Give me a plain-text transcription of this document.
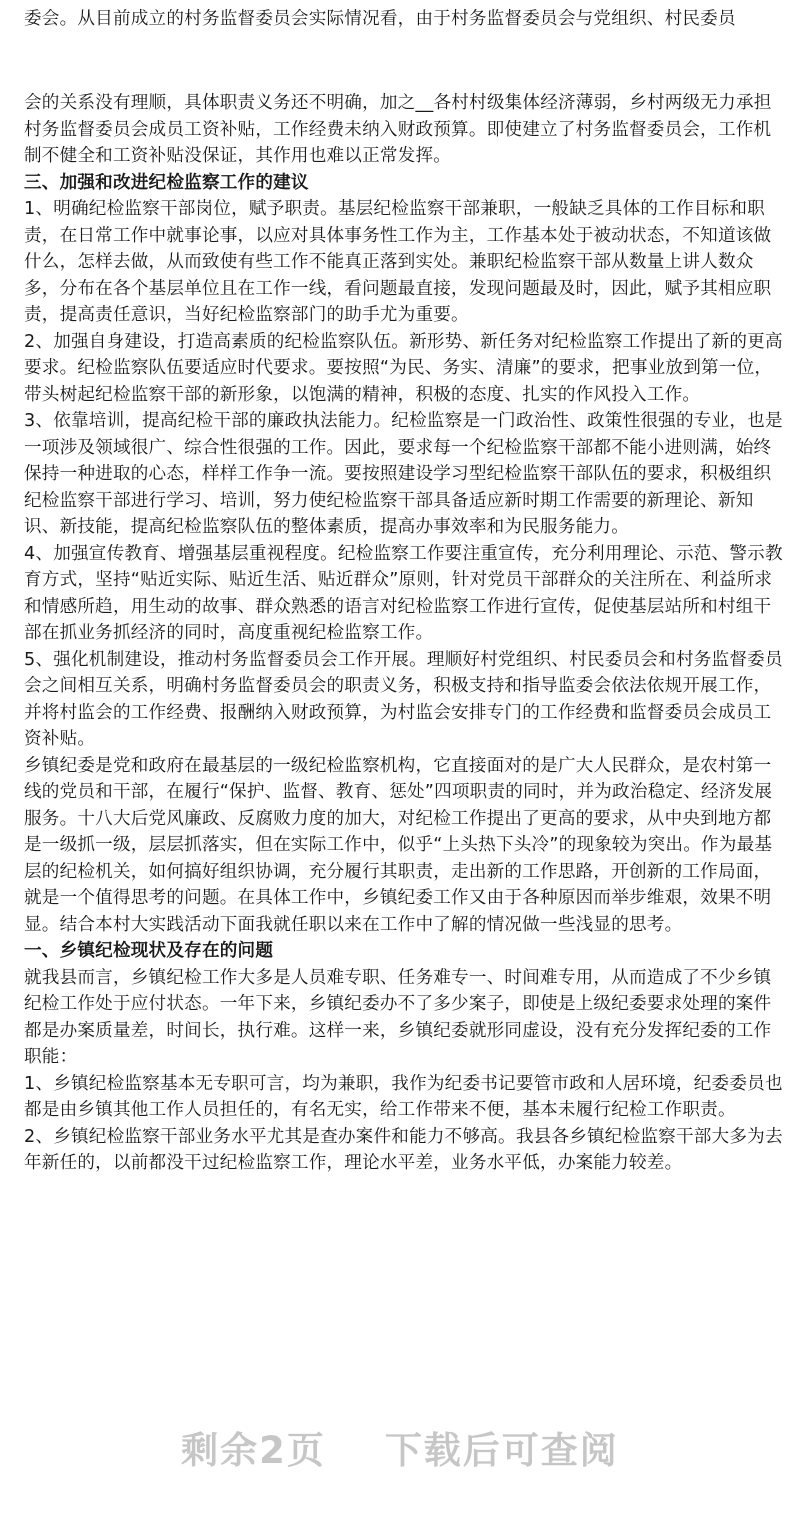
委会。从目前成立的村务监督委员会实际情况看，由于村务监督委员会与党组织、村民委员

会的关系没有理顺，具体职责义务还不明确，加之__各村村级集体经济薄弱，乡村两级无力承担村务监督委员会成员工资补贴，工作经费未纳入财政预算。即使建立了村务监督委员会，工作机制不健全和工资补贴没保证，其作用也难以正常发挥。

三、加强和改进纪检监察工作的建议

1、明确纪检监察干部岗位，赋予职责。基层纪检监察干部兼职，一般缺乏具体的工作目标和职责，在日常工作中就事论事，以应对具体事务性工作为主，工作基本处于被动状态，不知道该做什么，怎样去做，从而致使有些工作不能真正落到实处。兼职纪检监察干部从数量上讲人数众多，分布在各个基层单位且在工作一线，看问题最直接，发现问题最及时，因此，赋予其相应职责，提高责任意识，当好纪检监察部门的助手尤为重要。

2、加强自身建设，打造高素质的纪检监察队伍。新形势、新任务对纪检监察工作提出了新的更高要求。纪检监察队伍要适应时代要求。要按照“为民、务实、清廉”的要求，把事业放到第一位，带头树起纪检监察干部的新形象，以饱满的精神，积极的态度、扎实的作风投入工作。

3、依靠培训，提高纪检干部的廉政执法能力。纪检监察是一门政治性、政策性很强的专业，也是一项涉及领域很广、综合性很强的工作。因此，要求每一个纪检监察干部都不能小进则满，始终保持一种进取的心态，样样工作争一流。要按照建设学习型纪检监察干部队伍的要求，积极组织纪检监察干部进行学习、培训，努力使纪检监察干部具备适应新时期工作需要的新理论、新知识、新技能，提高纪检监察队伍的整体素质，提高办事效率和为民服务能力。

4、加强宣传教育、增强基层重视程度。纪检监察工作要注重宣传，充分利用理论、示范、警示教育方式，坚持“贴近实际、贴近生活、贴近群众”原则，针对党员干部群众的关注所在、利益所求和情感所趋，用生动的故事、群众熟悉的语言对纪检监察工作进行宣传，促使基层站所和村组干部在抓业务抓经济的同时，高度重视纪检监察工作。

5、强化机制建设，推动村务监督委员会工作开展。理顺好村党组织、村民委员会和村务监督委员会之间相互关系，明确村务监督委员会的职责义务，积极支持和指导监委会依法依规开展工作，并将村监会的工作经费、报酬纳入财政预算，为村监会安排专门的工作经费和监督委员会成员工资补贴。

乡镇纪委是党和政府在最基层的一级纪检监察机构，它直接面对的是广大人民群众，是农村第一线的党员和干部，在履行“保护、监督、教育、惩处”四项职责的同时，并为政治稳定、经济发展服务。十八大后党风廉政、反腐败力度的加大，对纪检工作提出了更高的要求，从中央到地方都是一级抓一级，层层抓落实，但在实际工作中，似乎“上头热下头冷”的现象较为突出。作为最基层的纪检机关，如何搞好组织协调，充分履行其职责，走出新的工作思路，开创新的工作局面，就是一个值得思考的问题。在具体工作中，乡镇纪委工作又由于各种原因而举步维艰，效果不明显。结合本村大实践活动下面我就任职以来在工作中了解的情况做一些浅显的思考。

一、乡镇纪检现状及存在的问题

就我县而言，乡镇纪检工作大多是人员难专职、任务难专一、时间难专用，从而造成了不少乡镇纪检工作处于应付状态。一年下来，乡镇纪委办不了多少案子，即使是上级纪委要求处理的案件都是办案质量差，时间长，执行难。这样一来，乡镇纪委就形同虚设，没有充分发挥纪委的工作职能：

1、乡镇纪检监察基本无专职可言，均为兼职，我作为纪委书记要管市政和人居环境，纪委委员也都是由乡镇其他工作人员担任的，有名无实，给工作带来不便，基本未履行纪检工作职责。

2、乡镇纪检监察干部业务水平尤其是查办案件和能力不够高。我县各乡镇纪检监察干部大多为去年新任的，以前都没干过纪检监察工作，理论水平差，业务水平低，办案能力较差。

剩余2页 下载后可查阅
